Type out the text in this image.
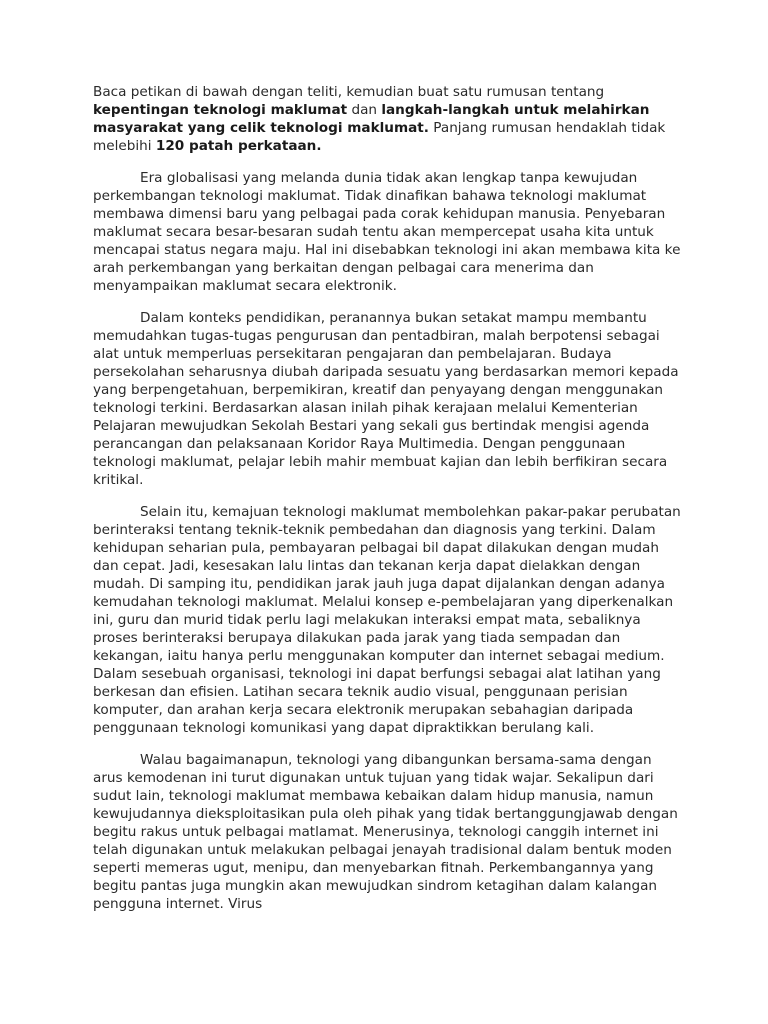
Baca petikan di bawah dengan teliti, kemudian buat satu rumusan tentang kepentingan teknologi maklumat dan langkah-langkah untuk melahirkan masyarakat yang celik teknologi maklumat. Panjang rumusan hendaklah tidak melebihi 120 patah perkataan.

Era globalisasi yang melanda dunia tidak akan lengkap tanpa kewujudan perkembangan teknologi maklumat. Tidak dinafikan bahawa teknologi maklumat membawa dimensi baru yang pelbagai pada corak kehidupan manusia. Penyebaran maklumat secara besar-besaran sudah tentu akan mempercepat usaha kita untuk mencapai status negara maju. Hal ini disebabkan teknologi ini akan membawa kita ke arah perkembangan yang berkaitan dengan pelbagai cara menerima dan menyampaikan maklumat secara elektronik.

Dalam konteks pendidikan, peranannya bukan setakat mampu membantu memudahkan tugas-tugas pengurusan dan pentadbiran, malah berpotensi sebagai alat untuk memperluas persekitaran pengajaran dan pembelajaran. Budaya persekolahan seharusnya diubah daripada sesuatu yang berdasarkan memori kepada yang berpengetahuan, berpemikiran, kreatif dan penyayang dengan menggunakan teknologi terkini. Berdasarkan alasan inilah pihak kerajaan melalui Kementerian Pelajaran mewujudkan Sekolah Bestari yang sekali gus bertindak mengisi agenda perancangan dan pelaksanaan Koridor Raya Multimedia. Dengan penggunaan teknologi maklumat, pelajar lebih mahir membuat kajian dan lebih berfikiran secara kritikal.

Selain itu, kemajuan teknologi maklumat membolehkan pakar-pakar perubatan berinteraksi tentang teknik-teknik pembedahan dan diagnosis yang terkini. Dalam kehidupan seharian pula, pembayaran pelbagai bil dapat dilakukan dengan mudah dan cepat. Jadi, kesesakan lalu lintas dan tekanan kerja dapat dielakkan dengan mudah. Di samping itu, pendidikan jarak jauh juga dapat dijalankan dengan adanya kemudahan teknologi maklumat. Melalui konsep e-pembelajaran yang diperkenalkan ini, guru dan murid tidak perlu lagi melakukan interaksi empat mata, sebaliknya proses berinteraksi berupaya dilakukan pada jarak yang tiada sempadan dan kekangan, iaitu hanya perlu menggunakan komputer dan internet sebagai medium. Dalam sesebuah organisasi, teknologi ini dapat berfungsi sebagai alat latihan yang berkesan dan efisien. Latihan secara teknik audio visual, penggunaan perisian komputer, dan arahan kerja secara elektronik merupakan sebahagian daripada penggunaan teknologi komunikasi yang dapat dipraktikkan berulang kali.

Walau bagaimanapun, teknologi yang dibangunkan bersama-sama dengan arus kemodenan ini turut digunakan untuk tujuan yang tidak wajar. Sekalipun dari sudut lain, teknologi maklumat membawa kebaikan dalam hidup manusia, namun kewujudannya dieksploitasikan pula oleh pihak yang tidak bertanggungjawab dengan begitu rakus untuk pelbagai matlamat. Menerusinya, teknologi canggih internet ini telah digunakan untuk melakukan pelbagai jenayah tradisional dalam bentuk moden seperti memeras ugut, menipu, dan menyebarkan fitnah. Perkembangannya yang begitu pantas juga mungkin akan mewujudkan sindrom ketagihan dalam kalangan pengguna internet. Virus
